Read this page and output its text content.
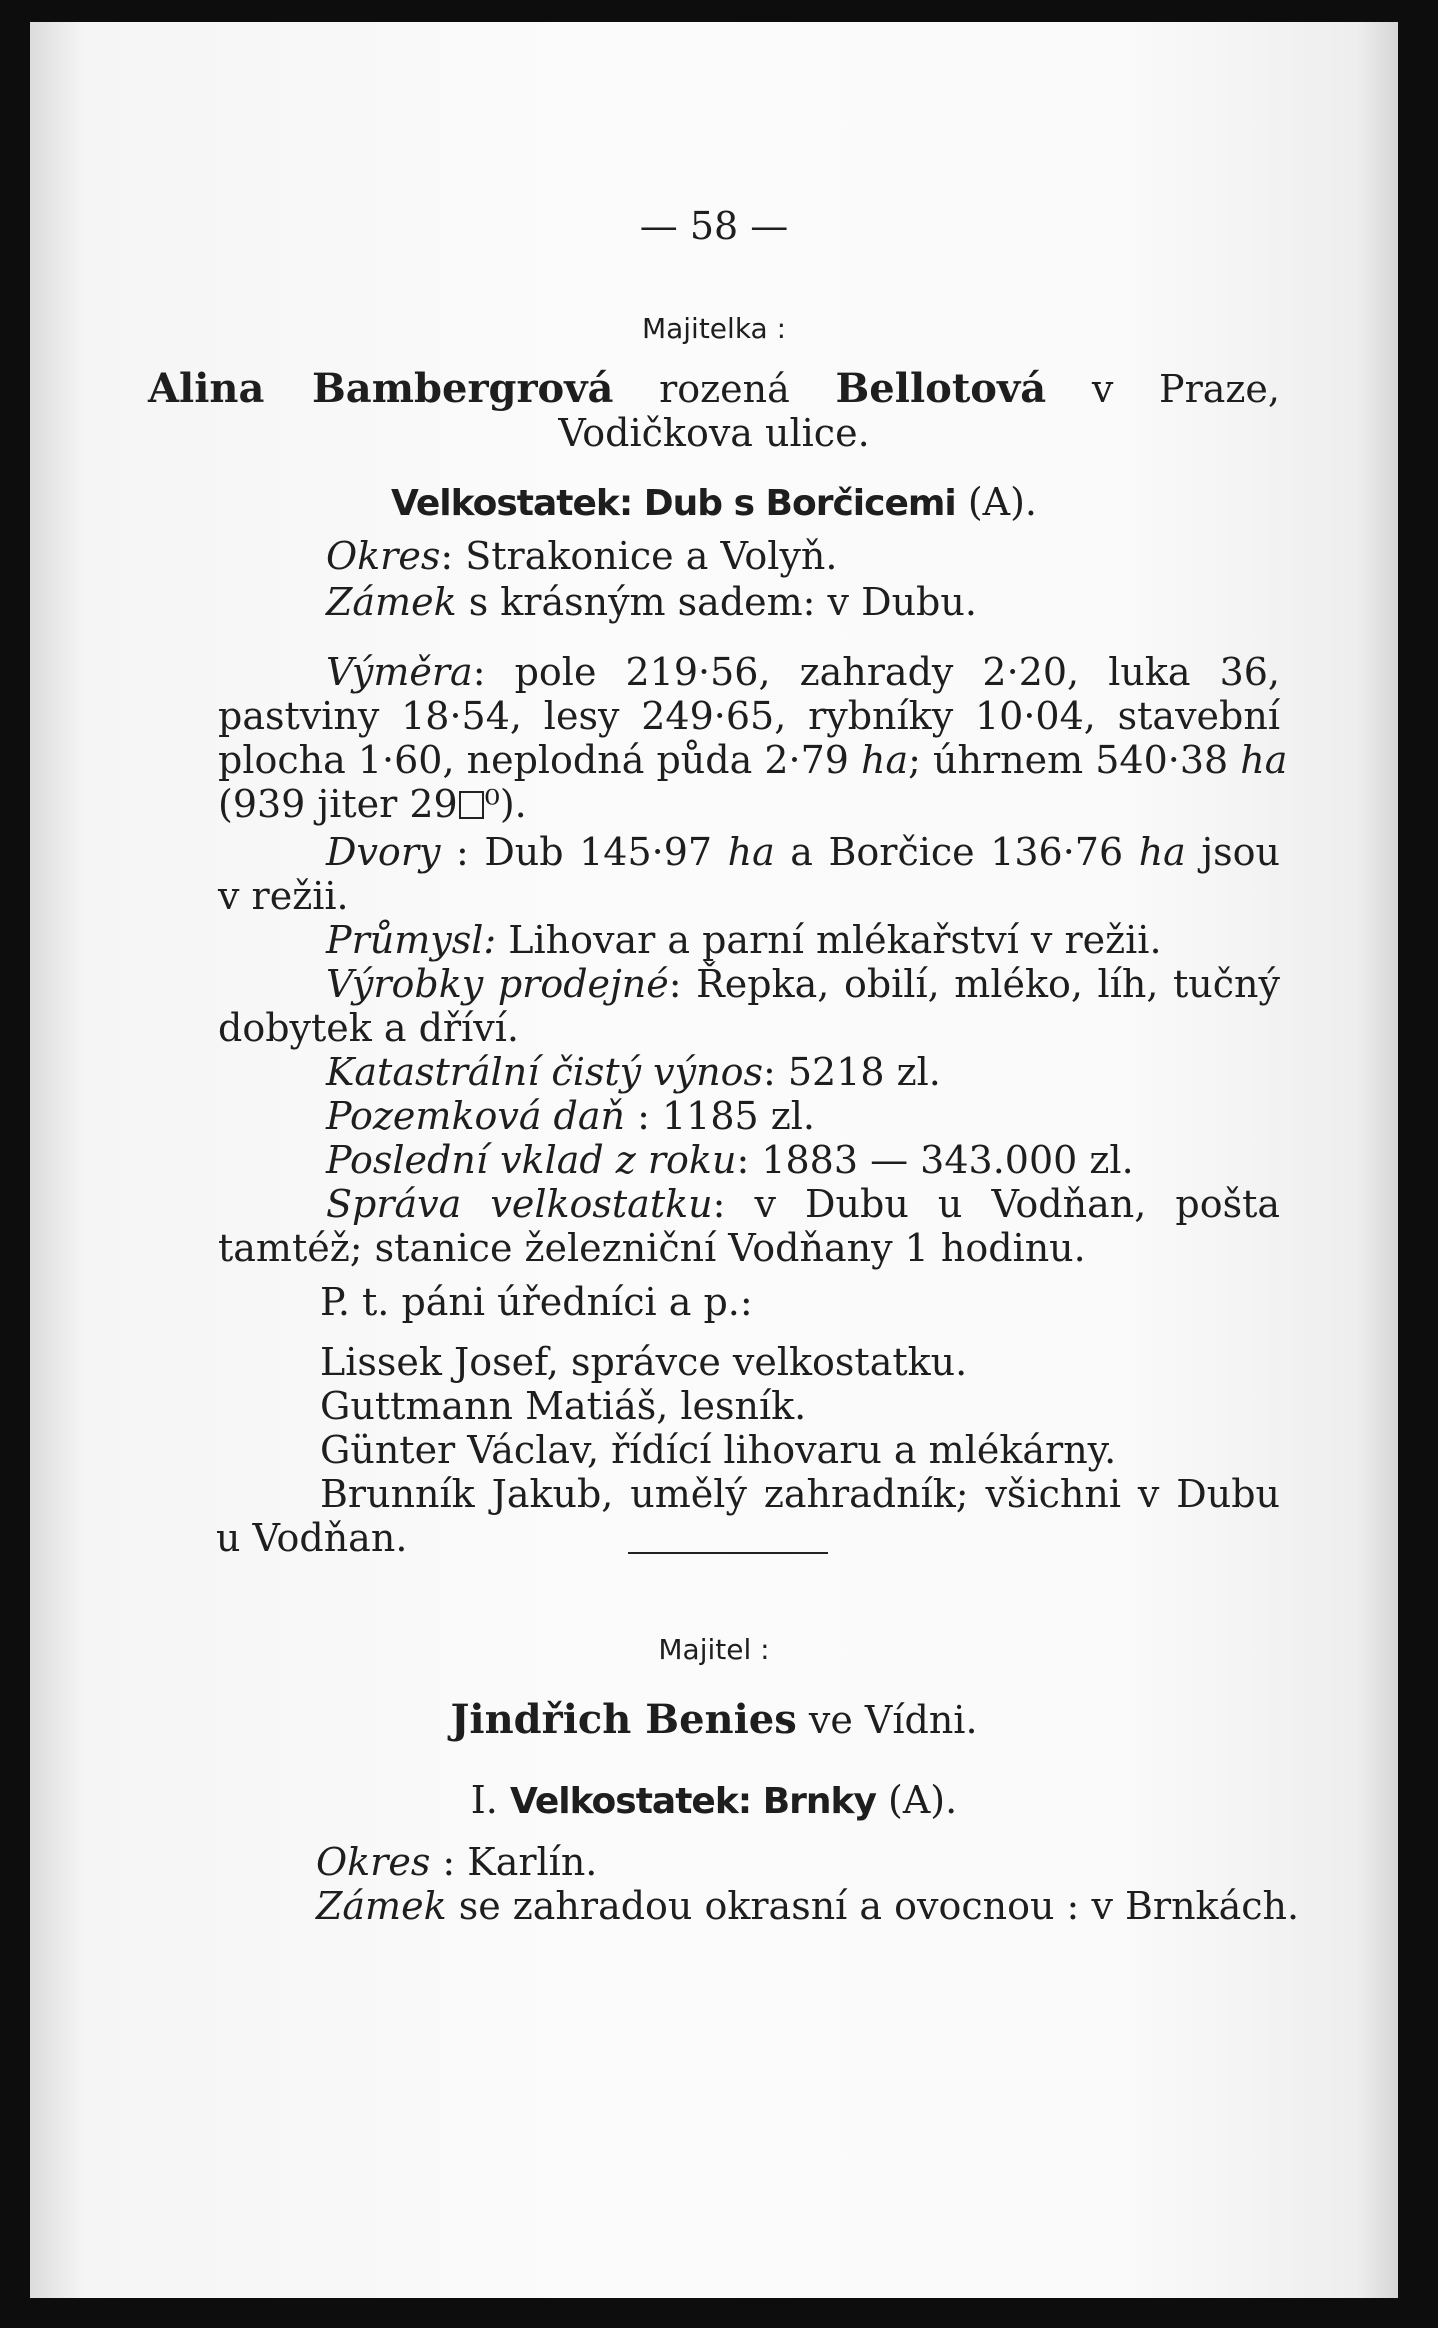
— 58 —

Majitelka :

Alina Bambergrová rozená Bellotová v Praze,

Vodičkova ulice.

Velkostatek: Dub s Borčicemi (A).

Okres: Strakonice a Volyň.

Zámek s krásným sadem: v Dubu.

Výměra: pole 219·56, zahrady 2·20, luka 36,

pastviny 18·54, lesy 249·65, rybníky 10·04, stavební

plocha 1·60, neplodná půda 2·79 ha; úhrnem 540·38 ha

(939 jiter 29 ⁰).

Dvory : Dub 145·97 ha a Borčice 136·76 ha jsou

v režii.

Průmysl: Lihovar a parní mlékařství v režii.

Výrobky prodejné: Řepka, obilí, mléko, líh, tučný

dobytek a dříví.

Katastrální čistý výnos: 5218 zl.

Pozemková daň : 1185 zl.

Poslední vklad z roku: 1883 — 343.000 zl.

Správa velkostatku: v Dubu u Vodňan, pošta

tamtéž; stanice železniční Vodňany 1 hodinu.

P. t. páni úředníci a p.:

Lissek Josef, správce velkostatku.

Guttmann Matiáš, lesník.

Günter Václav, řídící lihovaru a mlékárny.

Brunník Jakub, umělý zahradník; všichni v Dubu

u Vodňan.

Majitel :

Jindřich Benies ve Vídni.

I. Velkostatek: Brnky (A).

Okres : Karlín.

Zámek se zahradou okrasní a ovocnou : v Brnkách.
